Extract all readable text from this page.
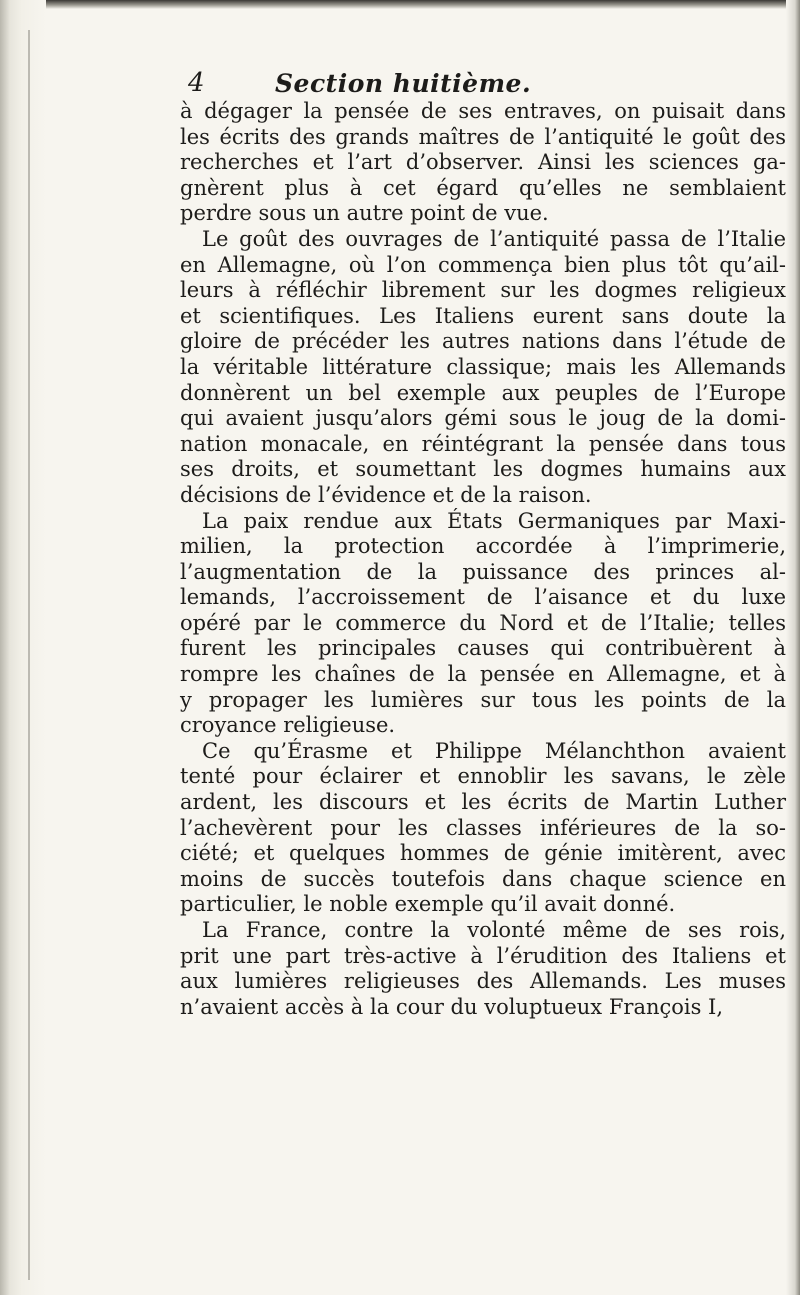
4	Section huitième.
à dégager la pensée de ses entraves, on puisait dans
les écrits des grands maîtres de l’antiquité le goût des
recherches et l’art d’observer. Ainsi les sciences ga-
gnèrent plus à cet égard qu’elles ne semblaient
perdre sous un autre point de vue.
Le goût des ouvrages de l’antiquité passa de l’Italie
en Allemagne, où l’on commença bien plus tôt qu’ail-
leurs à réfléchir librement sur les dogmes religieux
et scientifiques. Les Italiens eurent sans doute la
gloire de précéder les autres nations dans l’étude de
la véritable littérature classique; mais les Allemands
donnèrent un bel exemple aux peuples de l’Europe
qui avaient jusqu’alors gémi sous le joug de la domi-
nation monacale, en réintégrant la pensée dans tous
ses droits, et soumettant les dogmes humains aux
décisions de l’évidence et de la raison.
La paix rendue aux États Germaniques par Maxi-
milien, la protection accordée à l’imprimerie,
l’augmentation de la puissance des princes al-
lemands, l’accroissement de l’aisance et du luxe
opéré par le commerce du Nord et de l’Italie; telles
furent les principales causes qui contribuèrent à
rompre les chaînes de la pensée en Allemagne, et à
y propager les lumières sur tous les points de la
croyance religieuse.
Ce qu’Érasme et Philippe Mélanchthon avaient
tenté pour éclairer et ennoblir les savans, le zèle
ardent, les discours et les écrits de Martin Luther
l’achevèrent pour les classes inférieures de la so-
ciété; et quelques hommes de génie imitèrent, avec
moins de succès toutefois dans chaque science en
particulier, le noble exemple qu’il avait donné.
La France, contre la volonté même de ses rois,
prit une part très-active à l’érudition des Italiens et
aux lumières religieuses des Allemands. Les muses
n’avaient accès à la cour du voluptueux François I,
